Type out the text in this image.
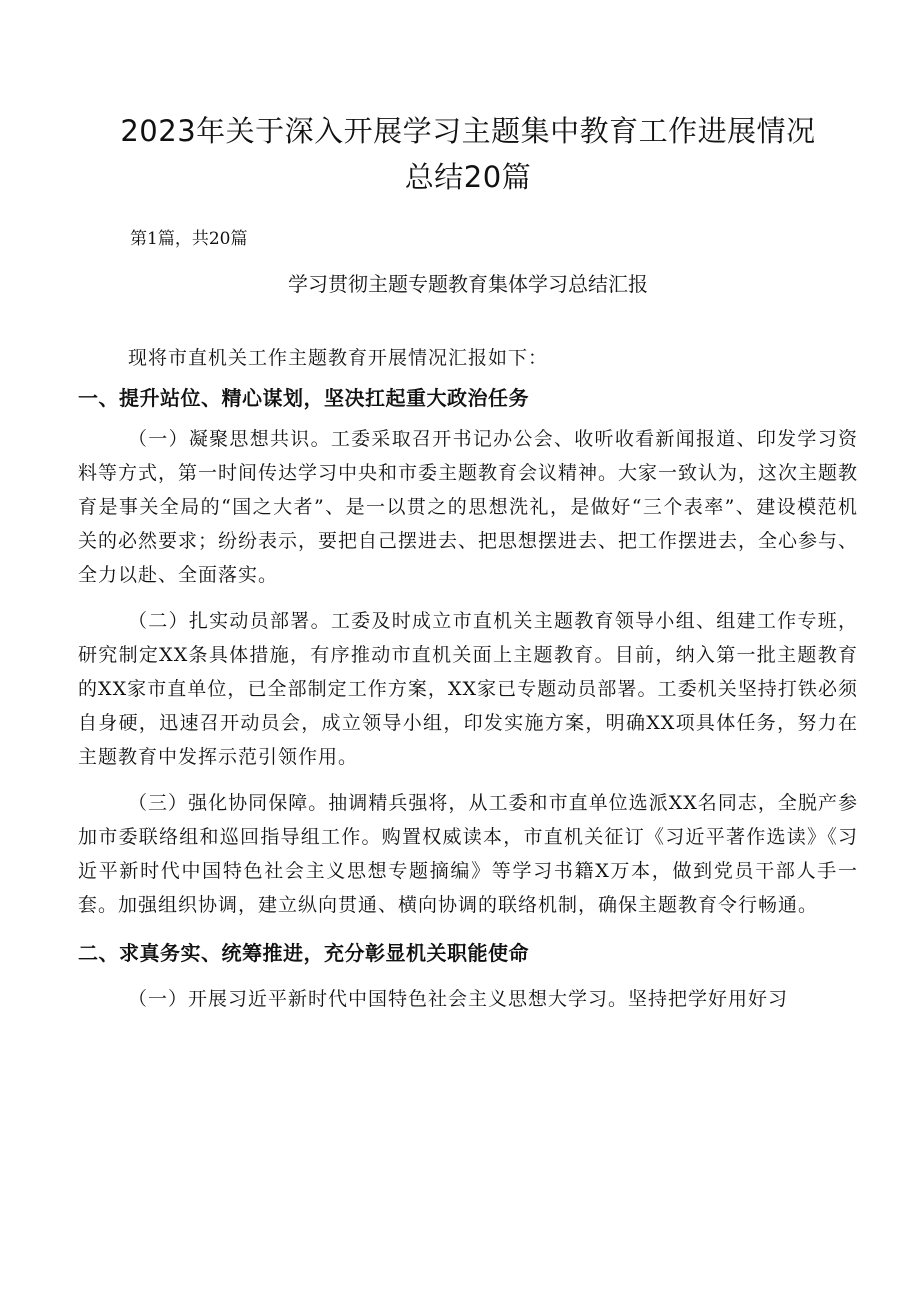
2023年关于深入开展学习主题集中教育工作进展情况
总结20篇
第1篇，共20篇
学习贯彻主题专题教育集体学习总结汇报

现将市直机关工作主题教育开展情况汇报如下：

一、提升站位、精心谋划，坚决扛起重大政治任务

（一）凝聚思想共识。工委采取召开书记办公会、收听收看新闻报道、印发学习资料等方式，第一时间传达学习中央和市委主题教育会议精神。大家一致认为，这次主题教育是事关全局的“国之大者”、是一以贯之的思想洗礼，是做好“三个表率”、建设模范机关的必然要求；纷纷表示，要把自己摆进去、把思想摆进去、把工作摆进去，全心参与、全力以赴、全面落实。

（二）扎实动员部署。工委及时成立市直机关主题教育领导小组、组建工作专班，研究制定XX条具体措施，有序推动市直机关面上主题教育。目前，纳入第一批主题教育的XX家市直单位，已全部制定工作方案，XX家已专题动员部署。工委机关坚持打铁必须自身硬，迅速召开动员会，成立领导小组，印发实施方案，明确XX项具体任务，努力在主题教育中发挥示范引领作用。

（三）强化协同保障。抽调精兵强将，从工委和市直单位选派XX名同志，全脱产参加市委联络组和巡回指导组工作。购置权威读本，市直机关征订《习近平著作选读》《习近平新时代中国特色社会主义思想专题摘编》等学习书籍X万本，做到党员干部人手一套。加强组织协调，建立纵向贯通、横向协调的联络机制，确保主题教育令行畅通。

二、求真务实、统筹推进，充分彰显机关职能使命

（一）开展习近平新时代中国特色社会主义思想大学习。坚持把学好用好习
